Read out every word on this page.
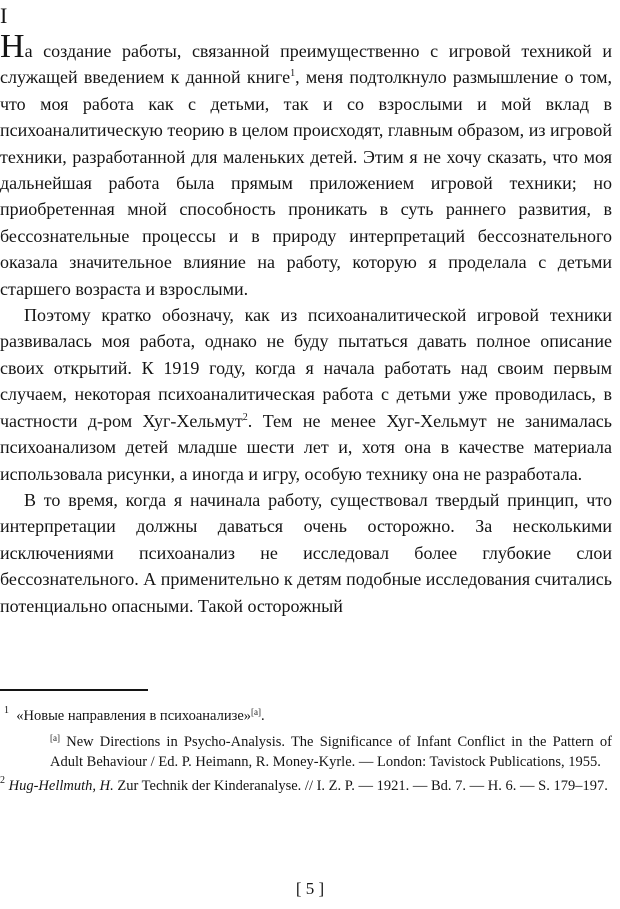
I

На создание работы, связанной преимущественно с игровой техникой и служащей введением к данной книге$^1$, меня подтолкнуло размышление о том, что моя работа как с детьми, так и со взрослыми и мой вклад в психоаналитическую теорию в целом происходят, главным образом, из игровой техники, разработанной для маленьких детей. Этим я не хочу сказать, что моя дальнейшая работа была прямым приложением игровой техники; но приобретенная мной способность проникать в суть раннего развития, в бессознательные процессы и в природу интерпретаций бессознательного оказала значительное влияние на работу, которую я проделала с детьми старшего возраста и взрослыми.

Поэтому кратко обозначу, как из психоаналитической игровой техники развивалась моя работа, однако не буду пытаться давать полное описание своих открытий. К 1919 году, когда я начала работать над своим первым случаем, некоторая психоаналитическая работа с детьми уже проводилась, в частности д-ром Хуг-Хельмут$^2$. Тем не менее Хуг-Хельмут не занималась психоанализом детей младше шести лет и, хотя она в качестве материала использовала рисунки, а иногда и игру, особую технику она не разработала.

В то время, когда я начинала работу, существовал твердый принцип, что интерпретации должны даваться очень осторожно. За несколькими исключениями психоанализ не исследовал более глубокие слои бессознательного. А применительно к детям подобные исследования считались потенциально опасными. Такой осторожный

$^1$ «Новые направления в психоанализе»[a].

[a] New Directions in Psycho-Analysis. The Significance of Infant Conflict in the Pattern of Adult Behaviour / Ed. P. Heimann, R. Money-Kyrle. — London: Tavistock Publications, 1955.

$^2$ Hug-Hellmuth, H. Zur Technik der Kinderanalyse. // I. Z. P. — 1921. — Bd. 7. — H. 6. — S. 179–197.

[ 5 ]
